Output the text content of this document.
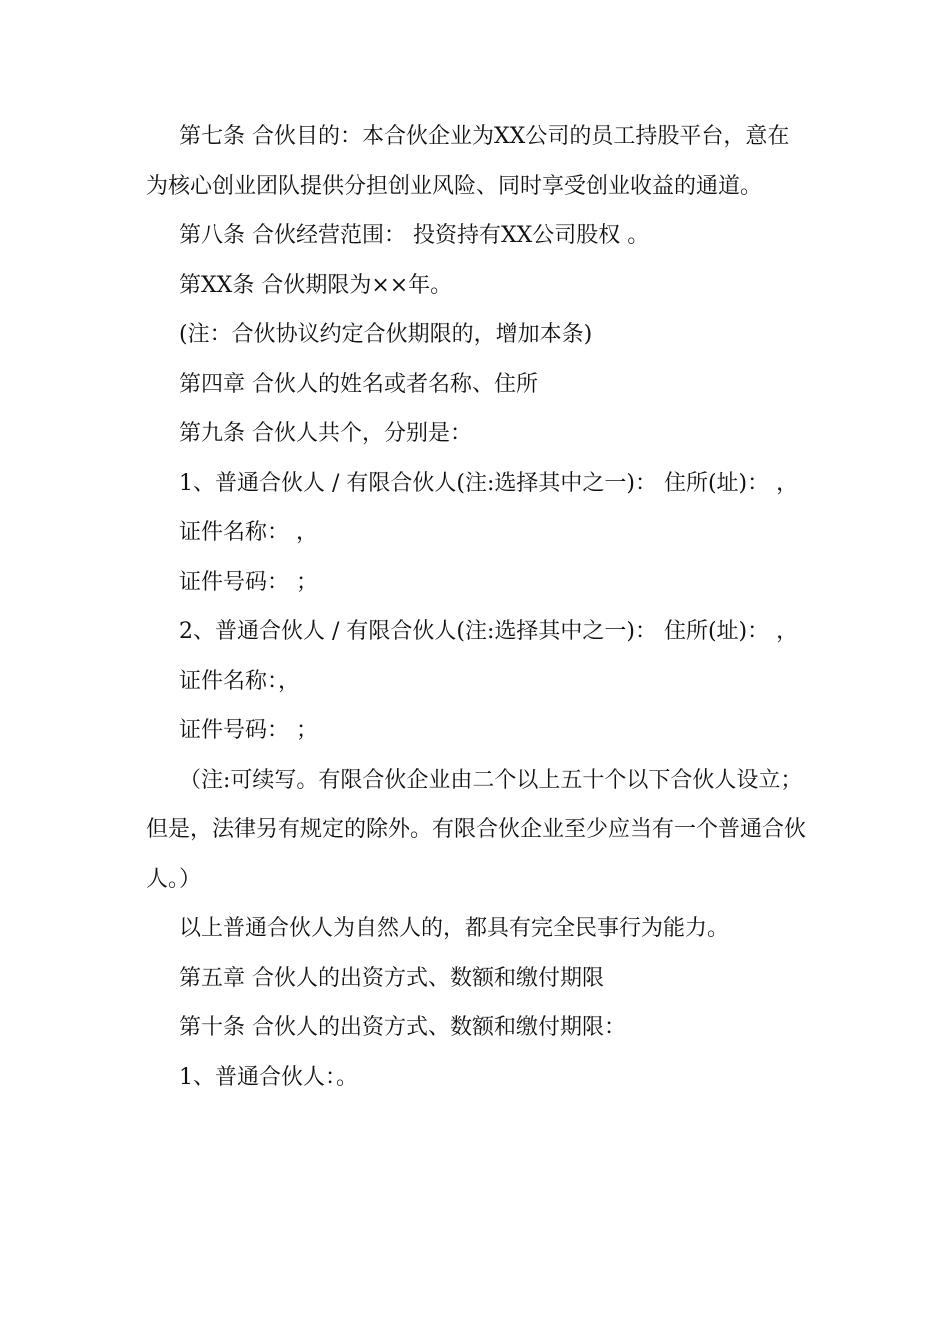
第七条 合伙目的：本合伙企业为XX公司的员工持股平台，意在为核心创业团队提供分担创业风险、同时享受创业收益的通道。

第八条 合伙经营范围： 投资持有XX公司股权 。

第XX条 合伙期限为××年。

(注：合伙协议约定合伙期限的，增加本条)

第四章 合伙人的姓名或者名称、住所

第九条 合伙人共个，分别是：

1、普通合伙人 / 有限合伙人(注:选择其中之一)： 住所(址)： ，

证件名称： ，

证件号码： ；

2、普通合伙人 / 有限合伙人(注:选择其中之一)： 住所(址)： ，

证件名称：，

证件号码： ；

（注:可续写。有限合伙企业由二个以上五十个以下合伙人设立；但是，法律另有规定的除外。有限合伙企业至少应当有一个普通合伙人。）

以上普通合伙人为自然人的，都具有完全民事行为能力。

第五章 合伙人的出资方式、数额和缴付期限

第十条 合伙人的出资方式、数额和缴付期限：

1、普通合伙人：。
